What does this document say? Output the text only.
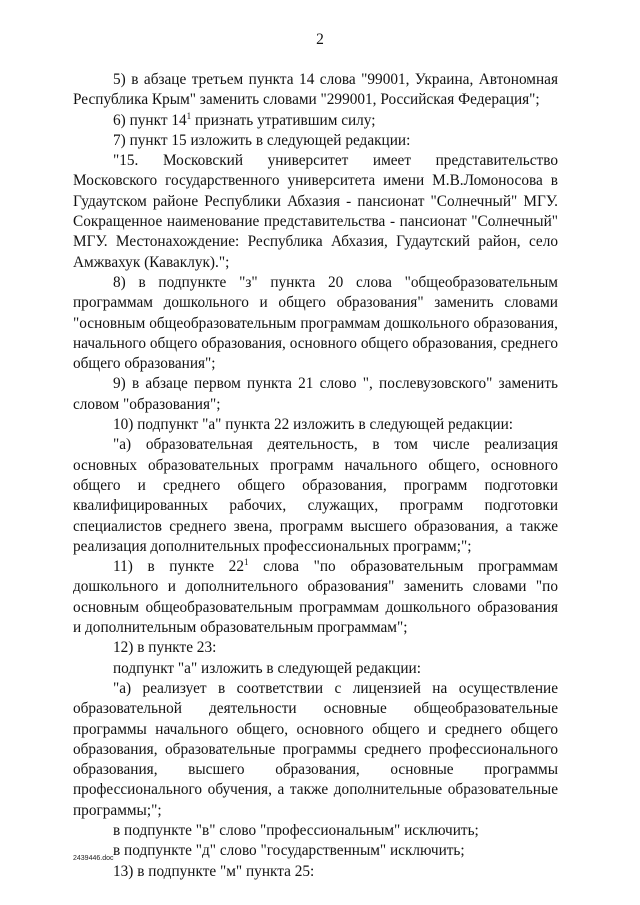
2

5) в абзаце третьем пункта 14 слова "99001, Украина, Автономная Республика Крым" заменить словами "299001, Российская Федерация";

6) пункт $14^1$ признать утратившим силу;

7) пункт 15 изложить в следующей редакции:

"15. Московский университет имеет представительство Московского государственного университета имени М.В.Ломоносова в Гудаутском районе Республики Абхазия - пансионат "Солнечный" МГУ. Сокращенное наименование представительства - пансионат "Солнечный" МГУ. Местонахождение: Республика Абхазия, Гудаутский район, село Амжвахук (Каваклук).";

8) в подпункте "з" пункта 20 слова "общеобразовательным программам дошкольного и общего образования" заменить словами "основным общеобразовательным программам дошкольного образования, начального общего образования, основного общего образования, среднего общего образования";

9) в абзаце первом пункта 21 слово ", послевузовского" заменить словом "образования";

10) подпункт "а" пункта 22 изложить в следующей редакции:

"а) образовательная деятельность, в том числе реализация основных образовательных программ начального общего, основного общего и среднего общего образования, программ подготовки квалифицированных рабочих, служащих, программ подготовки специалистов среднего звена, программ высшего образования, а также реализация дополнительных профессиональных программ;";

11) в пункте $22^1$ слова "по образовательным программам дошкольного и дополнительного образования" заменить словами "по основным общеобразовательным программам дошкольного образования и дополнительным образовательным программам";

12) в пункте 23:

подпункт "а" изложить в следующей редакции:

"а) реализует в соответствии с лицензией на осуществление образовательной деятельности основные общеобразовательные программы начального общего, основного общего и среднего общего образования, образовательные программы среднего профессионального образования, высшего образования, основные программы профессионального обучения, а также дополнительные образовательные программы;";

в подпункте "в" слово "профессиональным" исключить;

в подпункте "д" слово "государственным" исключить;

13) в подпункте "м" пункта 25:

2439446.doc
